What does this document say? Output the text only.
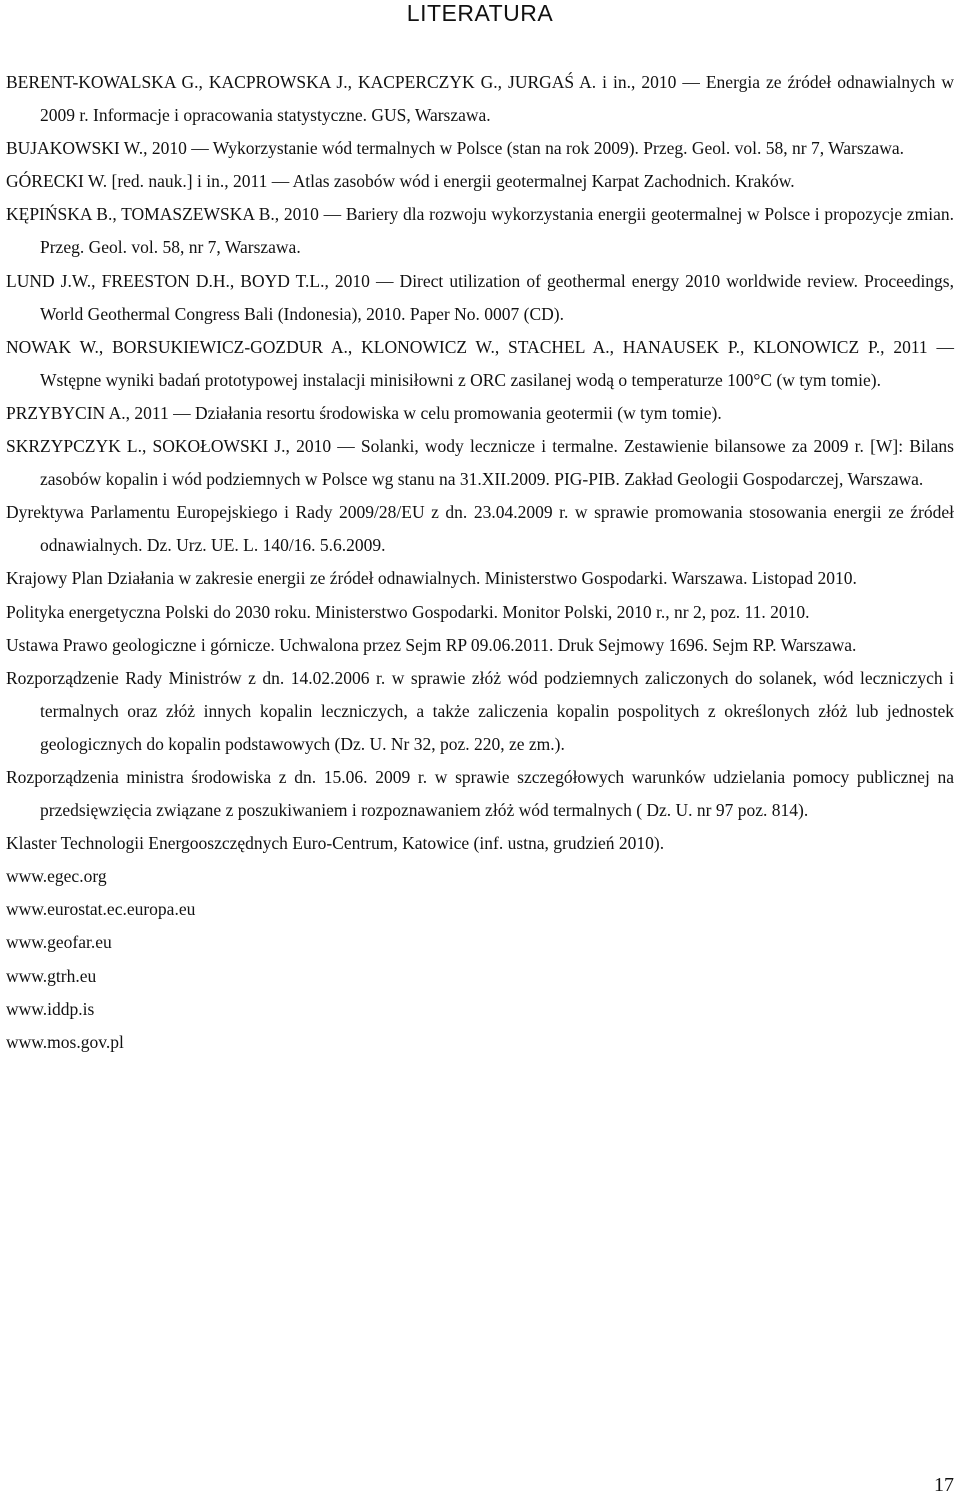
LITERATURA
BERENT-KOWALSKA G., KACPROWSKA J., KACPERCZYK G., JURGAŚ A. i in., 2010 — Energia ze źródeł odnawialnych w 2009 r. Informacje i opracowania statystyczne. GUS, Warszawa.
BUJAKOWSKI W., 2010 — Wykorzystanie wód termalnych w Polsce (stan na rok 2009). Przeg. Geol. vol. 58, nr 7, Warszawa.
GÓRECKI W. [red. nauk.] i in., 2011 — Atlas zasobów wód i energii geotermalnej Karpat Zachodnich. Kraków.
KĘPIŃSKA B., TOMASZEWSKA B., 2010 — Bariery dla rozwoju wykorzystania energii geotermalnej w Polsce i propozycje zmian. Przeg. Geol. vol. 58, nr 7, Warszawa.
LUND J.W., FREESTON D.H., BOYD T.L., 2010 — Direct utilization of geothermal energy 2010 worldwide review. Proceedings, World Geothermal Congress Bali (Indonesia), 2010. Paper No. 0007 (CD).
NOWAK W., BORSUKIEWICZ-GOZDUR A., KLONOWICZ W., STACHEL A., HANAUSEK P., KLONOWICZ P., 2011 — Wstępne wyniki badań prototypowej instalacji minisiłowni z ORC zasilanej wodą o temperaturze 100°C (w tym tomie).
PRZYBYCIN A., 2011 — Działania resortu środowiska w celu promowania geotermii (w tym tomie).
SKRZYPCZYK L., SOKOŁOWSKI J., 2010 — Solanki, wody lecznicze i termalne. Zestawienie bilansowe za 2009 r. [W]: Bilans zasobów kopalin i wód podziemnych w Polsce wg stanu na 31.XII.2009. PIG-PIB. Zakład Geologii Gospodarczej, Warszawa.
Dyrektywa Parlamentu Europejskiego i Rady 2009/28/EU z dn. 23.04.2009 r. w sprawie promowania stosowania energii ze źródeł odnawialnych. Dz. Urz. UE. L. 140/16. 5.6.2009.
Krajowy Plan Działania w zakresie energii ze źródeł odnawialnych. Ministerstwo Gospodarki. Warszawa. Listopad 2010.
Polityka energetyczna Polski do 2030 roku. Ministerstwo Gospodarki. Monitor Polski, 2010 r., nr 2, poz. 11. 2010.
Ustawa Prawo geologiczne i górnicze. Uchwalona przez Sejm RP 09.06.2011. Druk Sejmowy 1696. Sejm RP. Warszawa.
Rozporządzenie Rady Ministrów z dn. 14.02.2006 r. w sprawie złóż wód podziemnych zaliczonych do solanek, wód leczniczych i termalnych oraz złóż innych kopalin leczniczych, a także zaliczenia kopalin pospolitych z określonych złóż lub jednostek geologicznych do kopalin podstawowych (Dz. U. Nr 32, poz. 220, ze zm.).
Rozporządzenia ministra środowiska z dn. 15.06. 2009 r. w sprawie szczegółowych warunków udzielania pomocy publicznej na przedsięwzięcia związane z poszukiwaniem i rozpoznawaniem złóż wód termalnych ( Dz. U. nr 97 poz. 814).
Klaster Technologii Energooszczędnych Euro-Centrum, Katowice (inf. ustna, grudzień 2010).
www.egec.org
www.eurostat.ec.europa.eu
www.geofar.eu
www.gtrh.eu
www.iddp.is
www.mos.gov.pl
17
